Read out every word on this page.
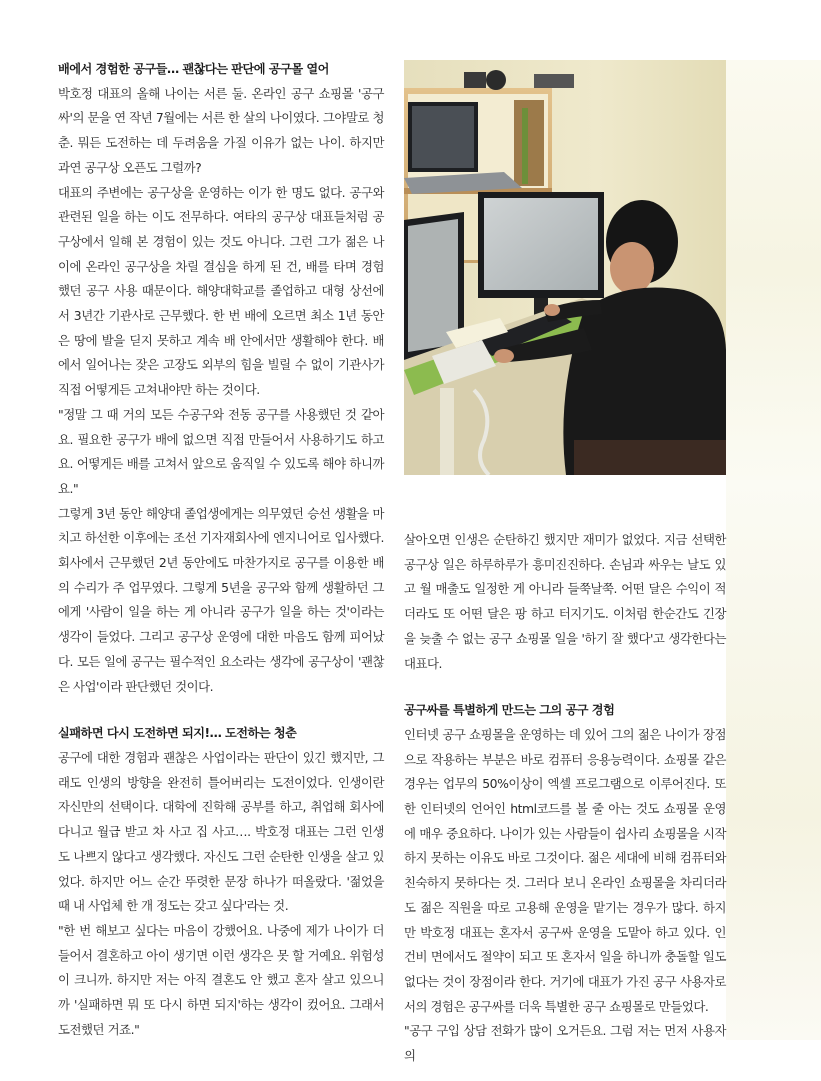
배에서 경험한 공구들… 괜찮다는 판단에 공구몰 열어

박호정 대표의 올해 나이는 서른 둘. 온라인 공구 쇼핑몰 '공구싸'의 문을 연 작년 7월에는 서른 한 살의 나이였다. 그야말로 청춘. 뭐든 도전하는 데 두려움을 가질 이유가 없는 나이. 하지만 과연 공구상 오픈도 그럴까?

대표의 주변에는 공구상을 운영하는 이가 한 명도 없다. 공구와 관련된 일을 하는 이도 전무하다. 여타의 공구상 대표들처럼 공구상에서 일해 본 경험이 있는 것도 아니다. 그런 그가 젊은 나이에 온라인 공구상을 차릴 결심을 하게 된 건, 배를 타며 경험했던 공구 사용 때문이다. 해양대학교를 졸업하고 대형 상선에서 3년간 기관사로 근무했다. 한 번 배에 오르면 최소 1년 동안은 땅에 발을 딛지 못하고 계속 배 안에서만 생활해야 한다. 배에서 일어나는 잦은 고장도 외부의 힘을 빌릴 수 없이 기관사가 직접 어떻게든 고쳐내야만 하는 것이다.

"정말 그 때 거의 모든 수공구와 전동 공구를 사용했던 것 같아요. 필요한 공구가 배에 없으면 직접 만들어서 사용하기도 하고요. 어떻게든 배를 고쳐서 앞으로 움직일 수 있도록 해야 하니까요."

그렇게 3년 동안 해양대 졸업생에게는 의무였던 승선 생활을 마치고 하선한 이후에는 조선 기자재회사에 엔지니어로 입사했다. 회사에서 근무했던 2년 동안에도 마찬가지로 공구를 이용한 배의 수리가 주 업무였다. 그렇게 5년을 공구와 함께 생활하던 그에게 '사람이 일을 하는 게 아니라 공구가 일을 하는 것'이라는 생각이 들었다. 그리고 공구상 운영에 대한 마음도 함께 피어났다. 모든 일에 공구는 필수적인 요소라는 생각에 공구상이 '괜찮은 사업'이라 판단했던 것이다.

실패하면 다시 도전하면 되지!… 도전하는 청춘

공구에 대한 경험과 괜찮은 사업이라는 판단이 있긴 했지만, 그래도 인생의 방향을 완전히 틀어버리는 도전이었다. 인생이란 자신만의 선택이다. 대학에 진학해 공부를 하고, 취업해 회사에 다니고 월급 받고 차 사고 집 사고…. 박호정 대표는 그런 인생도 나쁘지 않다고 생각했다. 자신도 그런 순탄한 인생을 살고 있었다. 하지만 어느 순간 뚜렷한 문장 하나가 떠올랐다. '젊었을 때 내 사업체 한 개 정도는 갖고 싶다'라는 것.

"한 번 해보고 싶다는 마음이 강했어요. 나중에 제가 나이가 더 들어서 결혼하고 아이 생기면 이런 생각은 못 할 거예요. 위험성이 크니까. 하지만 저는 아직 결혼도 안 했고 혼자 살고 있으니까 '실패하면 뭐 또 다시 하면 되지'하는 생각이 컸어요. 그래서 도전했던 거죠."

살아오면 인생은 순탄하긴 했지만 재미가 없었다. 지금 선택한 공구상 일은 하루하루가 흥미진진하다. 손님과 싸우는 날도 있고 월 매출도 일정한 게 아니라 들쭉날쭉. 어떤 달은 수익이 적더라도 또 어떤 달은 팡 하고 터지기도. 이처럼 한순간도 긴장을 늦출 수 없는 공구 쇼핑몰 일을 '하기 잘 했다'고 생각한다는 대표다.

공구싸를 특별하게 만드는 그의 공구 경험

인터넷 공구 쇼핑몰을 운영하는 데 있어 그의 젊은 나이가 장점으로 작용하는 부분은 바로 컴퓨터 응용능력이다. 쇼핑몰 같은 경우는 업무의 50%이상이 엑셀 프로그램으로 이루어진다. 또한 인터넷의 언어인 html코드를 볼 줄 아는 것도 쇼핑몰 운영에 매우 중요하다. 나이가 있는 사람들이 쉽사리 쇼핑몰을 시작하지 못하는 이유도 바로 그것이다. 젊은 세대에 비해 컴퓨터와 친숙하지 못하다는 것. 그러다 보니 온라인 쇼핑몰을 차리더라도 젊은 직원을 따로 고용해 운영을 맡기는 경우가 많다. 하지만 박호정 대표는 혼자서 공구싸 운영을 도맡아 하고 있다. 인건비 면에서도 절약이 되고 또 혼자서 일을 하니까 충돌할 일도 없다는 것이 장점이라 한다. 거기에 대표가 가진 공구 사용자로서의 경험은 공구싸를 더욱 특별한 공구 쇼핑몰로 만들었다.

"공구 구입 상담 전화가 많이 오거든요. 그럼 저는 먼저 사용자의
